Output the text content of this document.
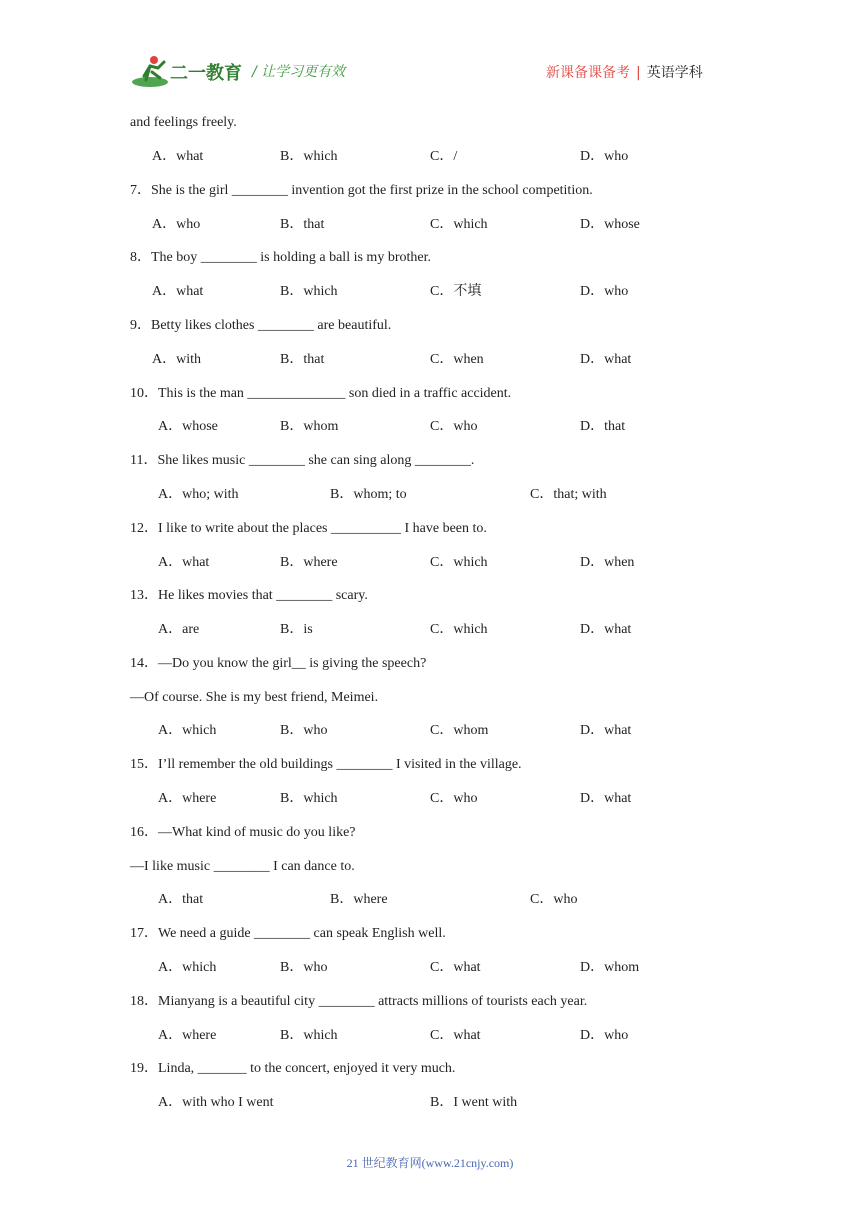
二一教育 / 让学习更有效	新课备课备考 | 英语学科
and feelings freely.
A．what	B．which	C．/	D．who
7．She is the girl ________ invention got the first prize in the school competition.
A．who	B．that	C．which	D．whose
8．The boy ________ is holding a ball is my brother.
A．what	B．which	C．不填	D．who
9．Betty likes clothes ________ are beautiful.
A．with	B．that	C．when	D．what
10．This is the man ______________ son died in a traffic accident.
A．whose	B．whom	C．who	D．that
11．She likes music ________ she can sing along ________.
A．who; with	B．whom; to	C．that; with
12．I like to write about the places __________ I have been to.
A．what	B．where	C．which	D．when
13．He likes movies that ________ scary.
A．are	B．is	C．which	D．what
14．—Do you know the girl__ is giving the speech?
—Of course. She is my best friend, Meimei.
A．which	B．who	C．whom	D．what
15．I’ll remember the old buildings ________ I visited in the village.
A．where	B．which	C．who	D．what
16．—What kind of music do you like?
—I like music ________ I can dance to.
A．that	B．where	C．who
17．We need a guide ________ can speak English well.
A．which	B．who	C．what	D．whom
18．Mianyang is a beautiful city ________ attracts millions of tourists each year.
A．where	B．which	C．what	D．who
19．Linda, _______ to the concert, enjoyed it very much.
A．with who I went	B．I went with
21 世纪教育网(www.21cnjy.com)
